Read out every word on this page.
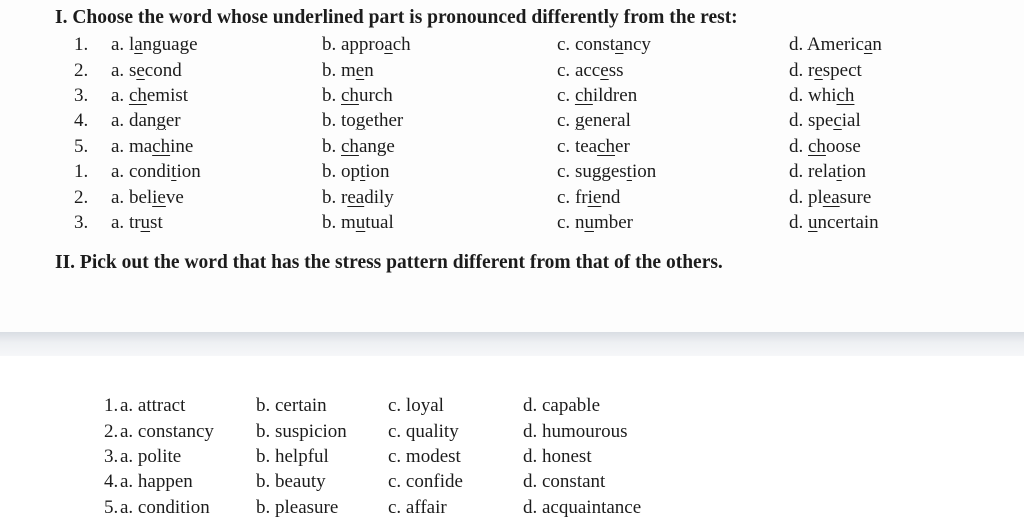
I. Choose the word whose underlined part is pronounced differently from the rest:
1. a. language	b. approach	c. constancy	d. American
2. a. second	b. men	c. access	d. respect
3. a. chemist	b. church	c. children	d. which
4. a. danger	b. together	c. general	d. special
5. a. machine	b. change	c. teacher	d. choose
1. a. condition	b. option	c. suggestion	d. relation
2. a. believe	b. readily	c. friend	d. pleasure
3. a. trust	b. mutual	c. number	d. uncertain
II. Pick out the word that has the stress pattern different from that of the others.
1. a. attract	b. certain	c. loyal	d. capable
2. a. constancy b. suspicion c. quality	d. humourous
3. a. polite	b. helpful	c. modest	d. honest
4. a. happen	b. beauty	c. confide	d. constant
5. a. condition b. pleasure	c. affair	d. acquaintance
